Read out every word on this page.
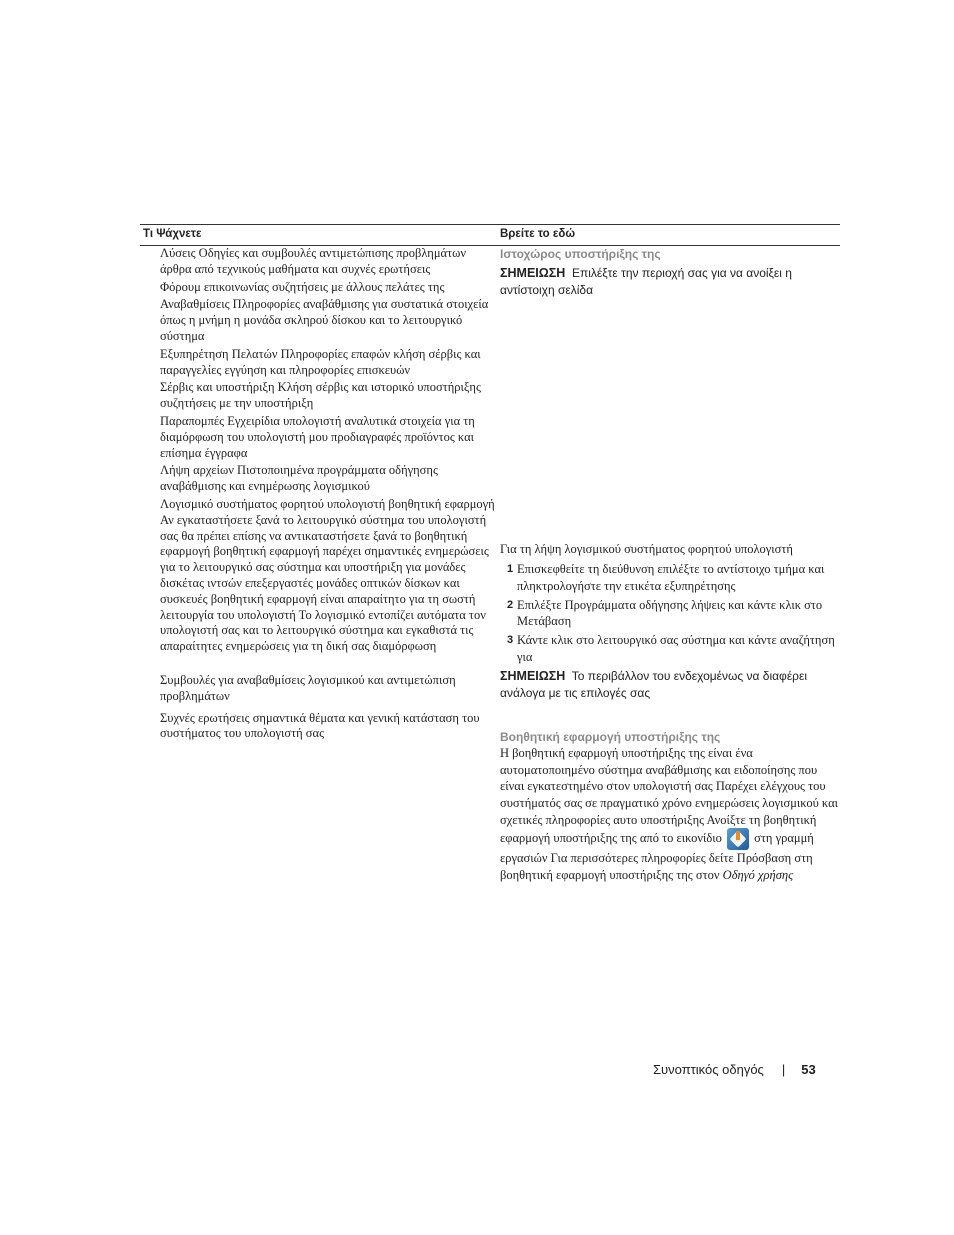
Τι Ψάχνετε	Βρείτε το εδώ

Λύσεις Οδηγίες και συμβουλές αντιμετώπισης προβλημάτων άρθρα από τεχνικούς μαθήματα και συχνές ερωτήσεις

Φόρουμ επικοινωνίας συζητήσεις με άλλους πελάτες της

Αναβαθμίσεις Πληροφορίες αναβάθμισης για συστατικά στοιχεία όπως η μνήμη η μονάδα σκληρού δίσκου και το λειτουργικό σύστημα

Εξυπηρέτηση Πελατών Πληροφορίες επαφών κλήση σέρβις και παραγγελίες εγγύηση και πληροφορίες επισκευών

Σέρβις και υποστήριξη Κλήση σέρβις και ιστορικό υποστήριξης συζητήσεις με την υποστήριξη

Παραπομπές Εγχειρίδια υπολογιστή αναλυτικά στοιχεία για τη διαμόρφωση του υπολογιστή μου προδιαγραφές προϊόντος και επίσημα έγγραφα

Λήψη αρχείων Πιστοποιημένα προγράμματα οδήγησης αναβάθμισης και ενημέρωσης λογισμικού

Λογισμικό συστήματος φορητού υπολογιστή βοηθητική εφαρμογή Αν εγκαταστήσετε ξανά το λειτουργικό σύστημα του υπολογιστή σας θα πρέπει επίσης να αντικαταστήσετε ξανά το βοηθητική εφαρμογή βοηθητική εφαρμογή παρέχει σημαντικές ενημερώσεις για το λειτουργικό σας σύστημα και υποστήριξη για μονάδες δισκέτας ιντσών επεξεργαστές μονάδες οπτικών δίσκων και συσκευές βοηθητική εφαρμογή είναι απαραίτητο για τη σωστή λειτουργία του υπολογιστή Το λογισμικό εντοπίζει αυτόματα τον υπολογιστή σας και το λειτουργικό σύστημα και εγκαθιστά τις απαραίτητες ενημερώσεις για τη δική σας διαμόρφωση

Συμβουλές για αναβαθμίσεις λογισμικού και αντιμετώπιση προβλημάτων

Συχνές ερωτήσεις σημαντικά θέματα και γενική κατάσταση του συστήματος του υπολογιστή σας

Ιστοχώρος υποστήριξης της
ΣΗΜΕΙΩΣΗ Επιλέξτε την περιοχή σας για να ανοίξει η αντίστοιχη σελίδα
Για τη λήψη λογισμικού συστήματος φορητού υπολογιστή
1 Επισκεφθείτε τη διεύθυνση επιλέξτε το αντίστοιχο τμήμα και πληκτρολογήστε την ετικέτα εξυπηρέτησης
2 Επιλέξτε Προγράμματα οδήγησης λήψεις και κάντε κλικ στο Μετάβαση
3 Κάντε κλικ στο λειτουργικό σας σύστημα και κάντε αναζήτηση για
ΣΗΜΕΙΩΣΗ Το περιβάλλον του ενδεχομένως να διαφέρει ανάλογα με τις επιλογές σας
Βοηθητική εφαρμογή υποστήριξης της
Η βοηθητική εφαρμογή υποστήριξης της είναι ένα αυτοματοποιημένο σύστημα αναβάθμισης και ειδοποίησης που είναι εγκατεστημένο στον υπολογιστή σας Παρέχει ελέγχους του συστήματός σας σε πραγματικό χρόνο ενημερώσεις λογισμικού και σχετικές πληροφορίες αυτο υποστήριξης Ανοίξτε τη βοηθητική εφαρμογή υποστήριξης της από το εικονίδιο	στη γραμμή εργασιών Για περισσότερες πληροφορίες δείτε Πρόσβαση στη βοηθητική εφαρμογή υποστήριξης της στον Οδηγό χρήσης
Συνοπτικός οδηγός | 53
